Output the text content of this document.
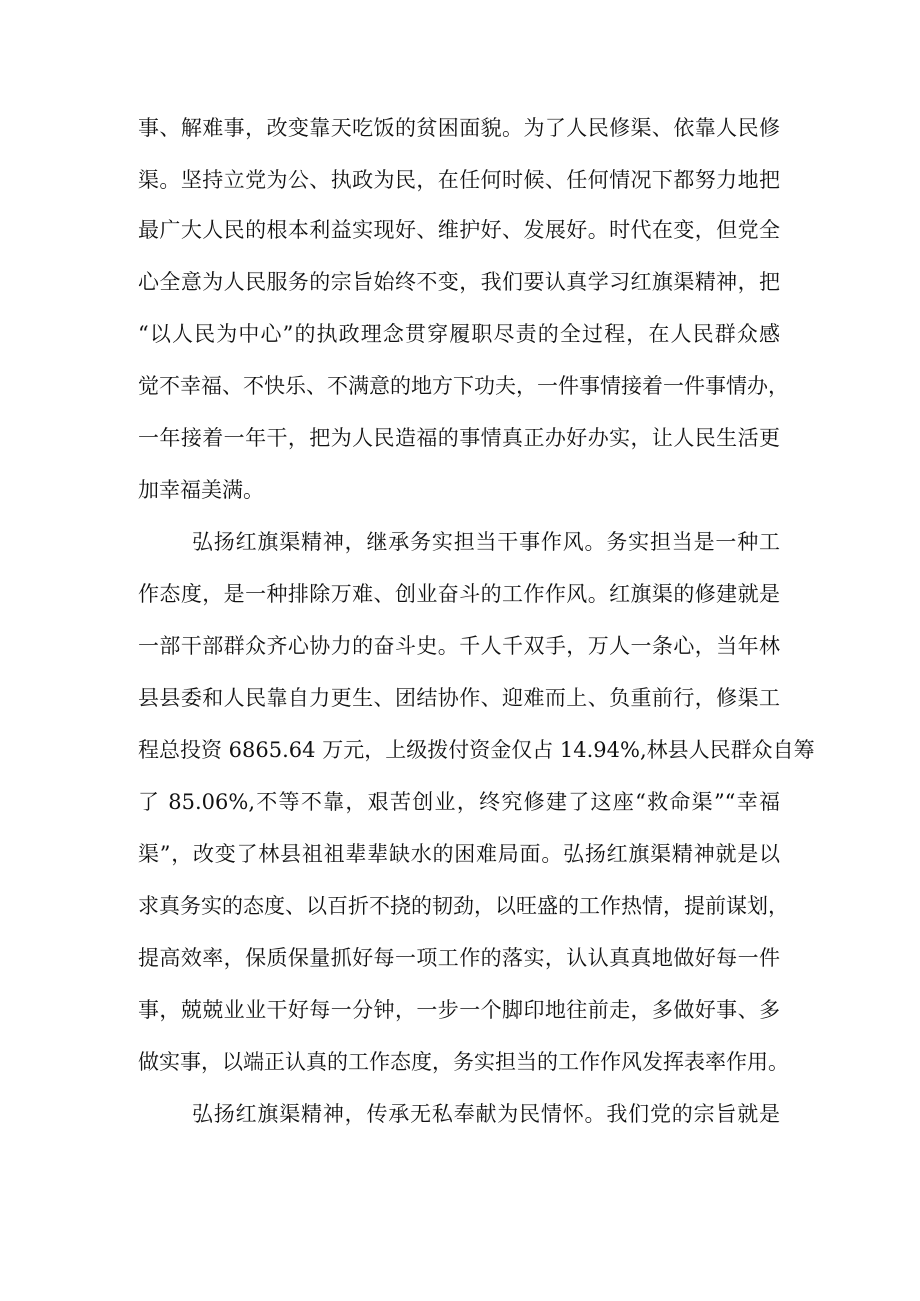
事、解难事，改变靠天吃饭的贫困面貌。为了人民修渠、依靠人民修
渠。坚持立党为公、执政为民，在任何时候、任何情况下都努力地把
最广大人民的根本利益实现好、维护好、发展好。时代在变，但党全
心全意为人民服务的宗旨始终不变，我们要认真学习红旗渠精神，把
“以人民为中心”的执政理念贯穿履职尽责的全过程，在人民群众感
觉不幸福、不快乐、不满意的地方下功夫，一件事情接着一件事情办，
一年接着一年干，把为人民造福的事情真正办好办实，让人民生活更
加幸福美满。
弘扬红旗渠精神，继承务实担当干事作风。务实担当是一种工
作态度，是一种排除万难、创业奋斗的工作作风。红旗渠的修建就是
一部干部群众齐心协力的奋斗史。千人千双手，万人一条心，当年林
县县委和人民靠自力更生、团结协作、迎难而上、负重前行，修渠工
程总投资 6865.64 万元，上级拨付资金仅占 14.94%,林县人民群众自筹
了 85.06%,不等不靠，艰苦创业，终究修建了这座“救命渠”“幸福
渠”，改变了林县祖祖辈辈缺水的困难局面。弘扬红旗渠精神就是以
求真务实的态度、以百折不挠的韧劲，以旺盛的工作热情，提前谋划，
提高效率，保质保量抓好每一项工作的落实，认认真真地做好每一件
事，兢兢业业干好每一分钟，一步一个脚印地往前走，多做好事、多
做实事，以端正认真的工作态度，务实担当的工作作风发挥表率作用。
弘扬红旗渠精神，传承无私奉献为民情怀。我们党的宗旨就是
